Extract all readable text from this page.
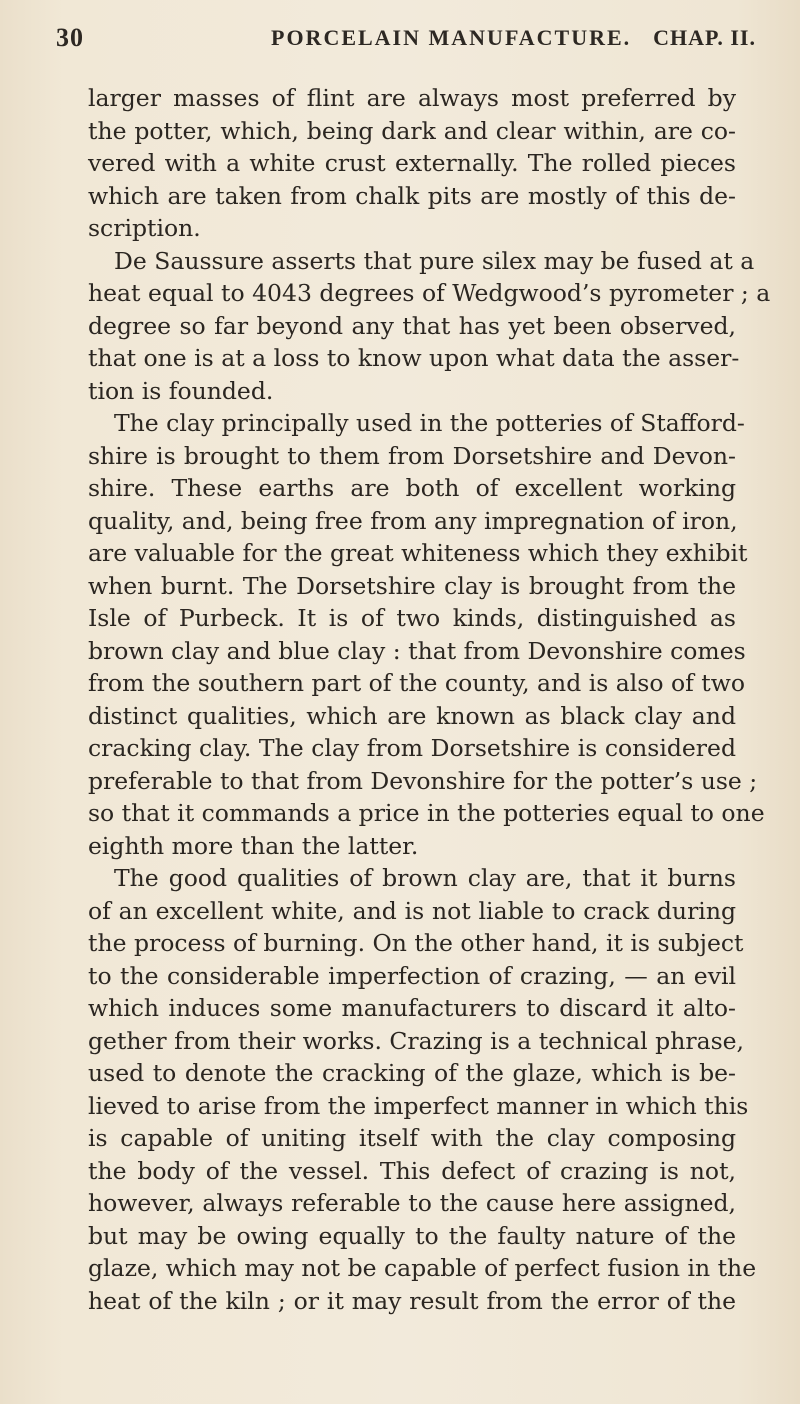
30	PORCELAIN MANUFACTURE. CHAP. II.
larger masses of flint are always most preferred by
the potter, which, being dark and clear within, are co-
vered with a white crust externally. The rolled pieces
which are taken from chalk pits are mostly of this de-
scription.
De Saussure asserts that pure silex may be fused at a
heat equal to 4043 degrees of Wedgwood’s pyrometer ; a
degree so far beyond any that has yet been observed,
that one is at a loss to know upon what data the asser-
tion is founded.
The clay principally used in the potteries of Stafford-
shire is brought to them from Dorsetshire and Devon-
shire. These earths are both of excellent working
quality, and, being free from any impregnation of iron,
are valuable for the great whiteness which they exhibit
when burnt. The Dorsetshire clay is brought from the
Isle of Purbeck. It is of two kinds, distinguished as
brown clay and blue clay : that from Devonshire comes
from the southern part of the county, and is also of two
distinct qualities, which are known as black clay and
cracking clay. The clay from Dorsetshire is considered
preferable to that from Devonshire for the potter’s use ;
so that it commands a price in the potteries equal to one
eighth more than the latter.
The good qualities of brown clay are, that it burns
of an excellent white, and is not liable to crack during
the process of burning. On the other hand, it is subject
to the considerable imperfection of crazing, — an evil
which induces some manufacturers to discard it alto-
gether from their works. Crazing is a technical phrase,
used to denote the cracking of the glaze, which is be-
lieved to arise from the imperfect manner in which this
is capable of uniting itself with the clay composing
the body of the vessel. This defect of crazing is not,
however, always referable to the cause here assigned,
but may be owing equally to the faulty nature of the
glaze, which may not be capable of perfect fusion in the
heat of the kiln ; or it may result from the error of the
